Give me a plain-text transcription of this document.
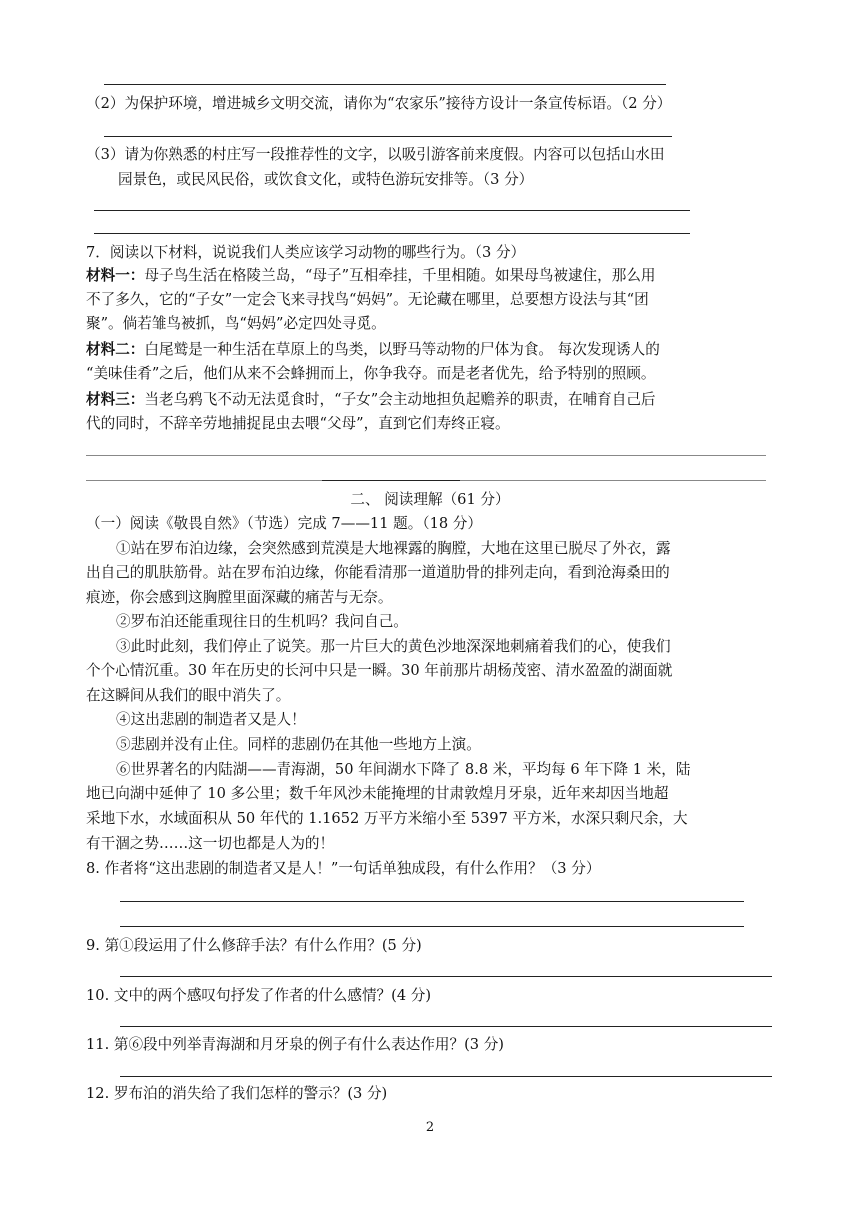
（2）为保护环境，增进城乡文明交流，请你为“农家乐”接待方设计一条宣传标语。（2 分）
（3）请为你熟悉的村庄写一段推荐性的文字，以吸引游客前来度假。内容可以包括山水田
园景色，或民风民俗，或饮食文化，或特色游玩安排等。（3 分）
7．阅读以下材料，说说我们人类应该学习动物的哪些行为。（3 分）
材料一：母子鸟生活在格陵兰岛，“母子”互相牵挂，千里相随。如果母鸟被逮住，那么用
不了多久，它的“子女”一定会飞来寻找鸟“妈妈”。无论藏在哪里，总要想方设法与其“团
聚”。倘若雏鸟被抓，鸟“妈妈”必定四处寻觅。
材料二：白尾鹫是一种生活在草原上的鸟类，以野马等动物的尸体为食。 每次发现诱人的
“美味佳肴”之后，他们从来不会蜂拥而上，你争我夺。而是老者优先，给予特别的照顾。
材料三：当老乌鸦飞不动无法觅食时，“子女”会主动地担负起赡养的职责，在哺育自己后
代的同时，不辞辛劳地捕捉昆虫去喂“父母”，直到它们寿终正寝。
二、 阅读理解（61 分）
（一）阅读《敬畏自然》（节选）完成 7——11 题。（18 分）
①站在罗布泊边缘，会突然感到荒漠是大地裸露的胸膛，大地在这里已脱尽了外衣，露
出自己的肌肤筋骨。站在罗布泊边缘，你能看清那一道道肋骨的排列走向，看到沧海桑田的
痕迹，你会感到这胸膛里面深藏的痛苦与无奈。
②罗布泊还能重现往日的生机吗？我问自己。
③此时此刻，我们停止了说笑。那一片巨大的黄色沙地深深地刺痛着我们的心，使我们
个个心情沉重。30 年在历史的长河中只是一瞬。30 年前那片胡杨茂密、清水盈盈的湖面就
在这瞬间从我们的眼中消失了。
④这出悲剧的制造者又是人！
⑤悲剧并没有止住。同样的悲剧仍在其他一些地方上演。
⑥世界著名的内陆湖——青海湖，50 年间湖水下降了 8.8 米，平均每 6 年下降 1 米，陆
地已向湖中延伸了 10 多公里；数千年风沙未能掩埋的甘肃敦煌月牙泉，近年来却因当地超
采地下水，水域面积从 50 年代的 1.1652 万平方米缩小至 5397 平方米，水深只剩尺余，大
有干涸之势……这一切也都是人为的！
8. 作者将“这出悲剧的制造者又是人！”一句话单独成段，有什么作用？（3 分）
9. 第①段运用了什么修辞手法？有什么作用？(5 分)
10. 文中的两个感叹句抒发了作者的什么感情？(4 分)
11. 第⑥段中列举青海湖和月牙泉的例子有什么表达作用？(3 分)
12. 罗布泊的消失给了我们怎样的警示？(3 分)
2
